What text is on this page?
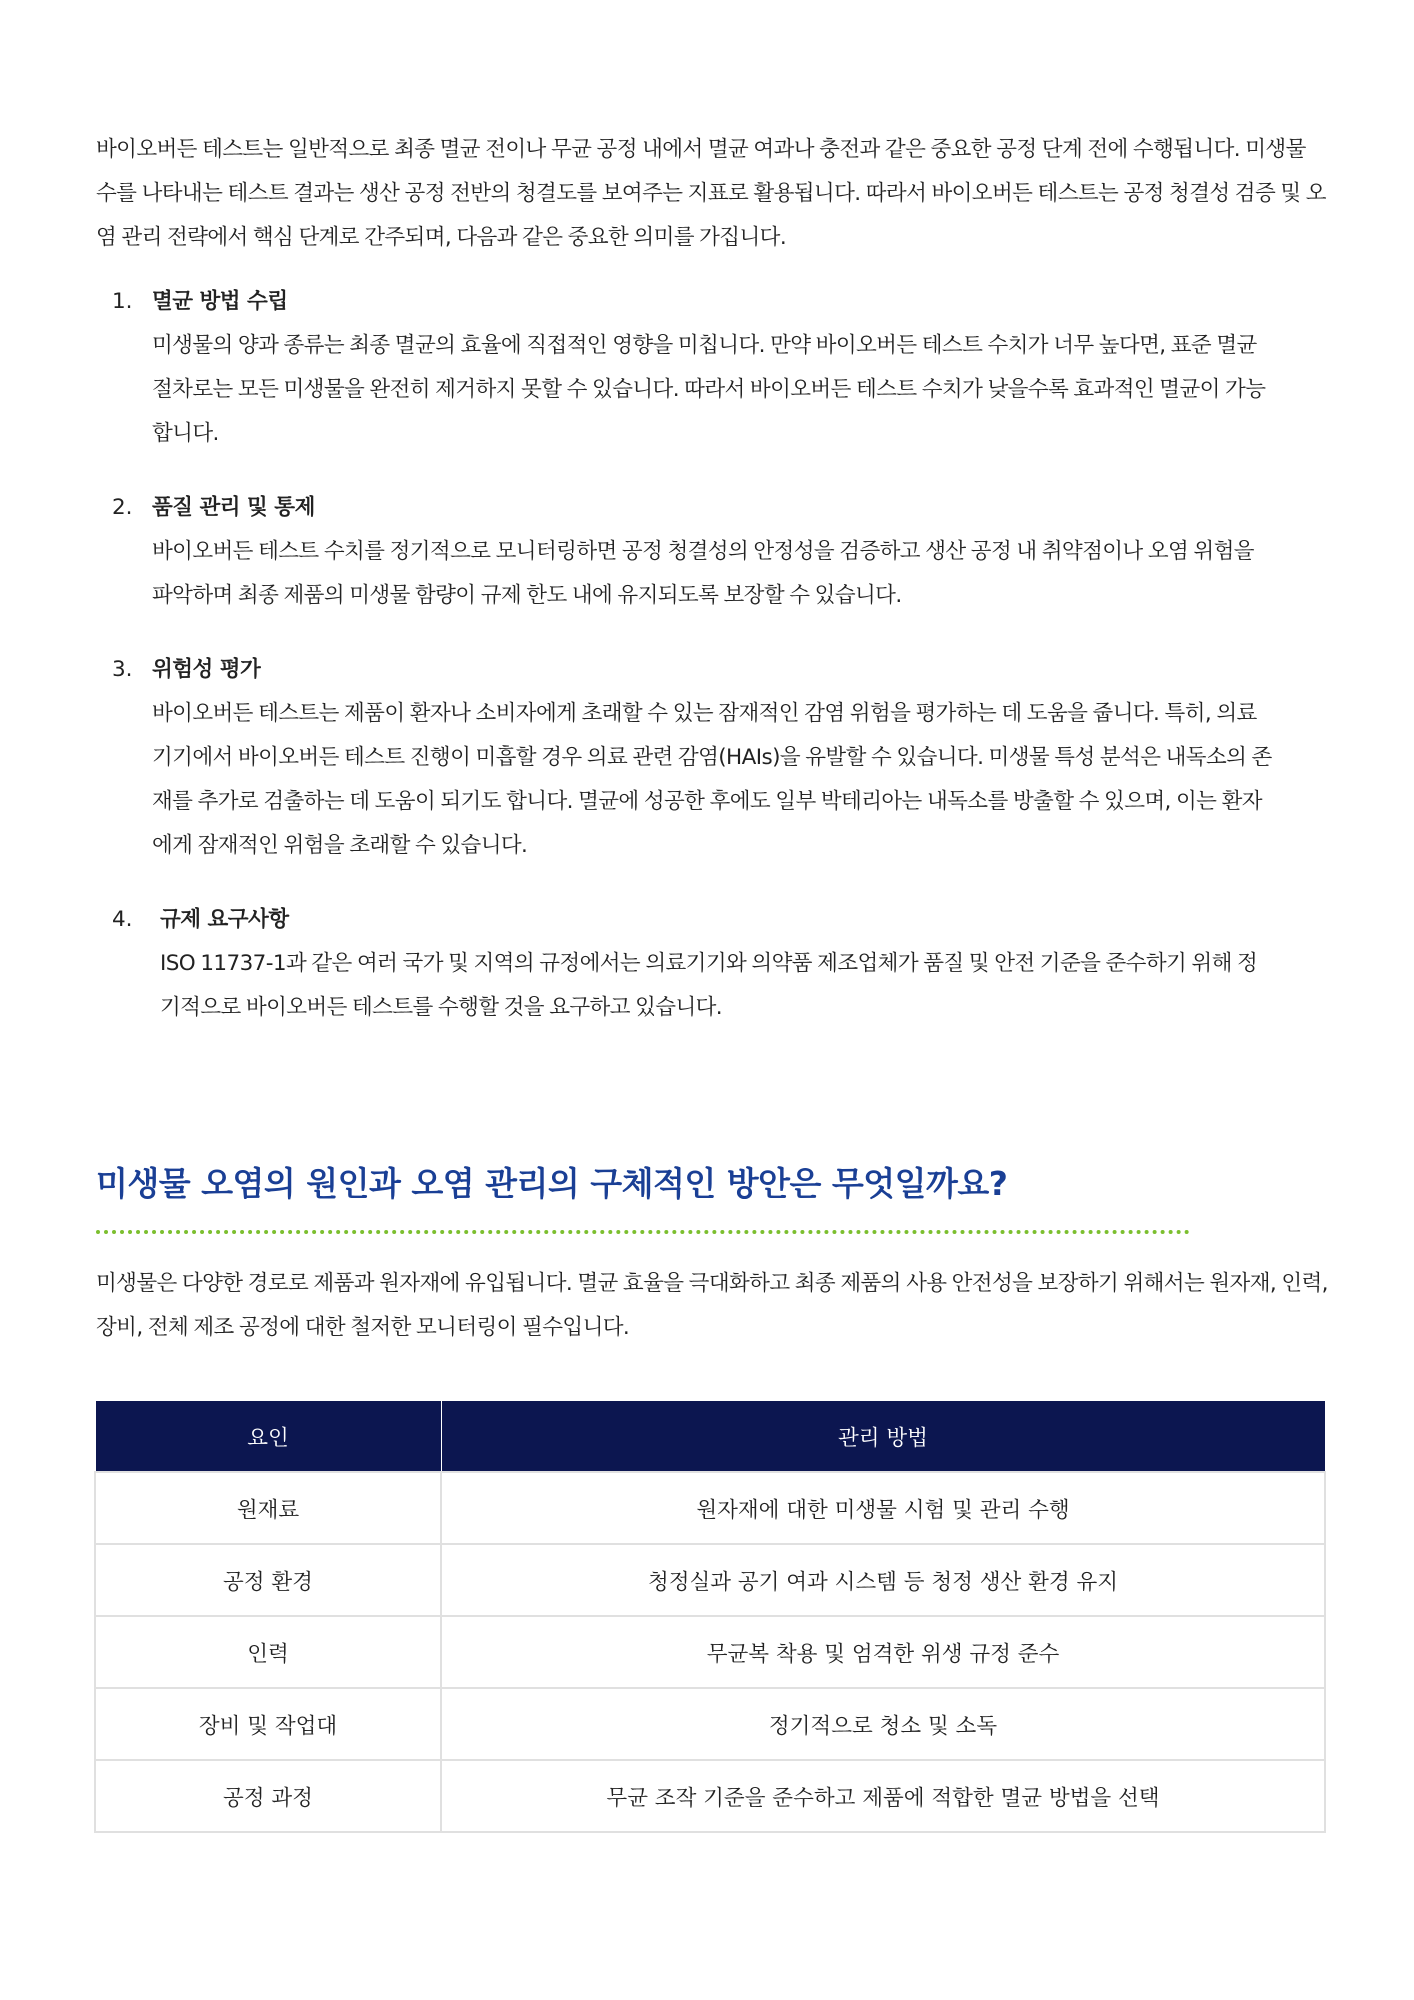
바이오버든 테스트는 일반적으로 최종 멸균 전이나 무균 공정 내에서 멸균 여과나 충전과 같은 중요한 공정 단계 전에 수행됩니다. 미생물 수를 나타내는 테스트 결과는 생산 공정 전반의 청결도를 보여주는 지표로 활용됩니다. 따라서 바이오버든 테스트는 공정 청결성 검증 및 오염 관리 전략에서 핵심 단계로 간주되며, 다음과 같은 중요한 의미를 가집니다.

1. 멸균 방법 수립
미생물의 양과 종류는 최종 멸균의 효율에 직접적인 영향을 미칩니다. 만약 바이오버든 테스트 수치가 너무 높다면, 표준 멸균 절차로는 모든 미생물을 완전히 제거하지 못할 수 있습니다. 따라서 바이오버든 테스트 수치가 낮을수록 효과적인 멸균이 가능합니다.
2. 품질 관리 및 통제
바이오버든 테스트 수치를 정기적으로 모니터링하면 공정 청결성의 안정성을 검증하고 생산 공정 내 취약점이나 오염 위험을 파악하며 최종 제품의 미생물 함량이 규제 한도 내에 유지되도록 보장할 수 있습니다.
3. 위험성 평가
바이오버든 테스트는 제품이 환자나 소비자에게 초래할 수 있는 잠재적인 감염 위험을 평가하는 데 도움을 줍니다. 특히, 의료기기에서 바이오버든 테스트 진행이 미흡할 경우 의료 관련 감염(HAIs)을 유발할 수 있습니다. 미생물 특성 분석은 내독소의 존재를 추가로 검출하는 데 도움이 되기도 합니다. 멸균에 성공한 후에도 일부 박테리아는 내독소를 방출할 수 있으며, 이는 환자에게 잠재적인 위험을 초래할 수 있습니다.
4.	규제 요구사항
ISO 11737-1과 같은 여러 국가 및 지역의 규정에서는 의료기기와 의약품 제조업체가 품질 및 안전 기준을 준수하기 위해 정기적으로 바이오버든 테스트를 수행할 것을 요구하고 있습니다.
미생물 오염의 원인과 오염 관리의 구체적인 방안은 무엇일까요?

미생물은 다양한 경로로 제품과 원자재에 유입됩니다. 멸균 효율을 극대화하고 최종 제품의 사용 안전성을 보장하기 위해서는 원자재, 인력, 장비, 전체 제조 공정에 대한 철저한 모니터링이 필수입니다.

요인	관리 방법
원재료	원자재에 대한 미생물 시험 및 관리 수행
공정 환경	청정실과 공기 여과 시스템 등 청정 생산 환경 유지
인력	무균복 착용 및 엄격한 위생 규정 준수
장비 및 작업대	정기적으로 청소 및 소독
공정 과정	무균 조작 기준을 준수하고 제품에 적합한 멸균 방법을 선택
